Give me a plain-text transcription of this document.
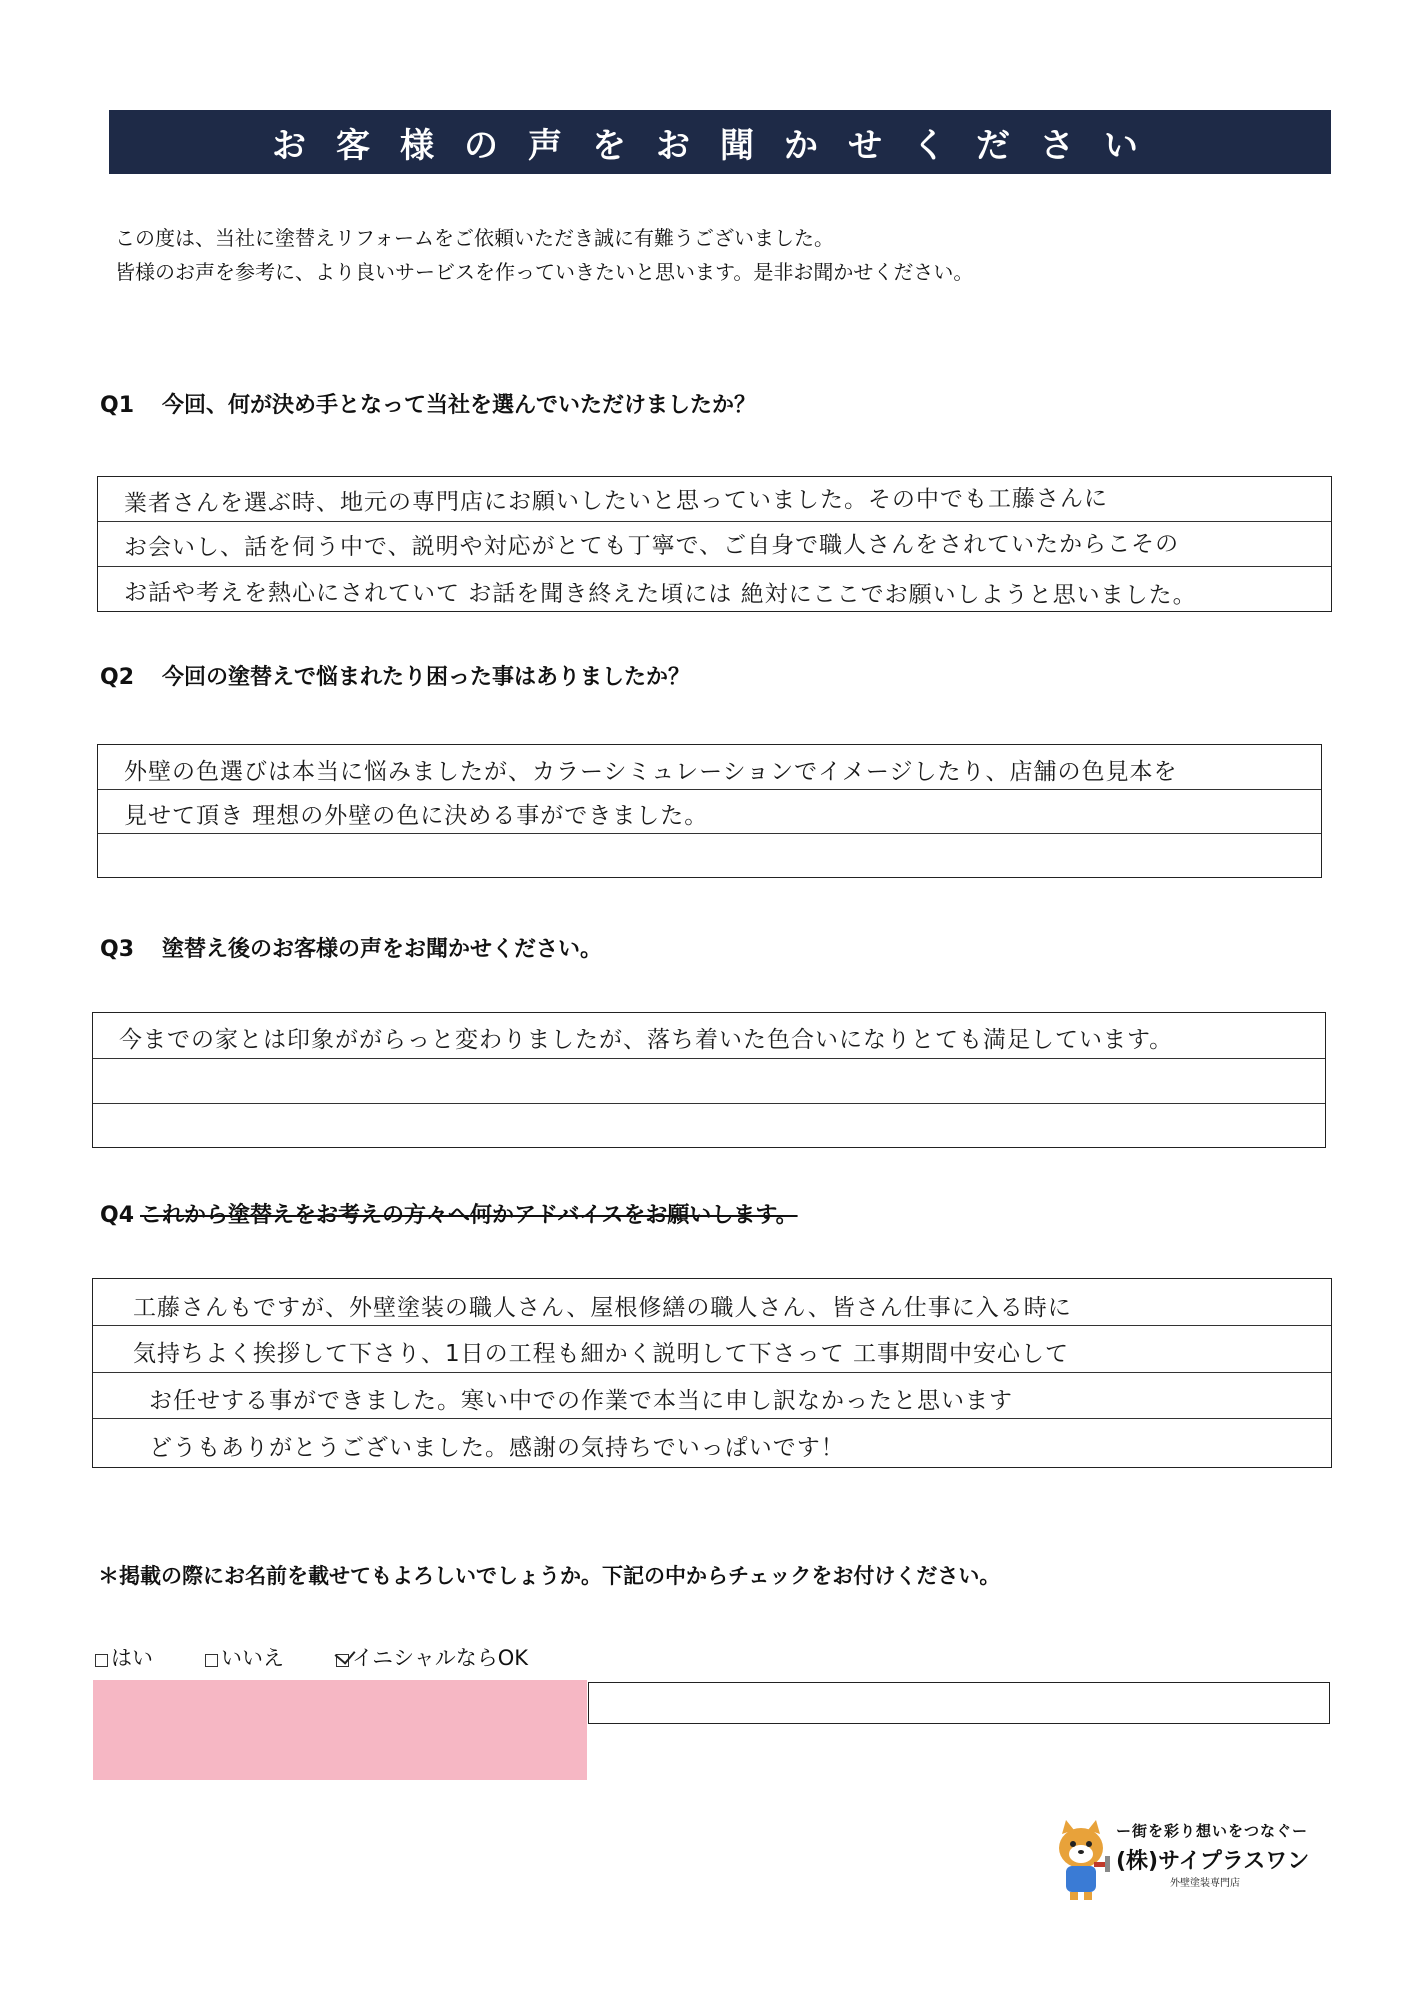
お客様の声をお聞かせください
この度は、当社に塗替えリフォームをご依頼いただき誠に有難うございました。
皆様のお声を参考に、より良いサービスを作っていきたいと思います。是非お聞かせください。
Q1 今回、何が決め手となって当社を選んでいただけましたか？
業者さんを選ぶ時、地元の専門店にお願いしたいと思っていました。その中でも工藤さんに
お会いし、話を伺う中で、説明や対応がとても丁寧で、ご自身で職人さんをされていたからこその
お話や考えを熱心にされていて お話を聞き終えた頃には 絶対にここでお願いしようと思いました。
Q2 今回の塗替えで悩まれたり困った事はありましたか？
外壁の色選びは本当に悩みましたが、カラーシミュレーションでイメージしたり、店舗の色見本を
見せて頂き 理想の外壁の色に決める事ができました。
Q3 塗替え後のお客様の声をお聞かせください。
今までの家とは印象ががらっと変わりましたが、落ち着いた色合いになりとても満足しています。
Q4 これから塗替えをお考えの方々へ何かアドバイスをお願いします。
工藤さんもですが、外壁塗装の職人さん、屋根修繕の職人さん、皆さん仕事に入る時に
気持ちよく挨拶して下さり、1日の工程も細かく説明して下さって 工事期間中安心して
お任せする事ができました。寒い中での作業で本当に申し訳なかったと思います
どうもありがとうございました。感謝の気持ちでいっぱいです！
＊掲載の際にお名前を載せてもよろしいでしょうか。下記の中からチェックをお付けください。
はい	いいえ	イニシャルならOK
ー街を彩り想いをつなぐー
(株)サイプラスワン
外壁塗装専門店
